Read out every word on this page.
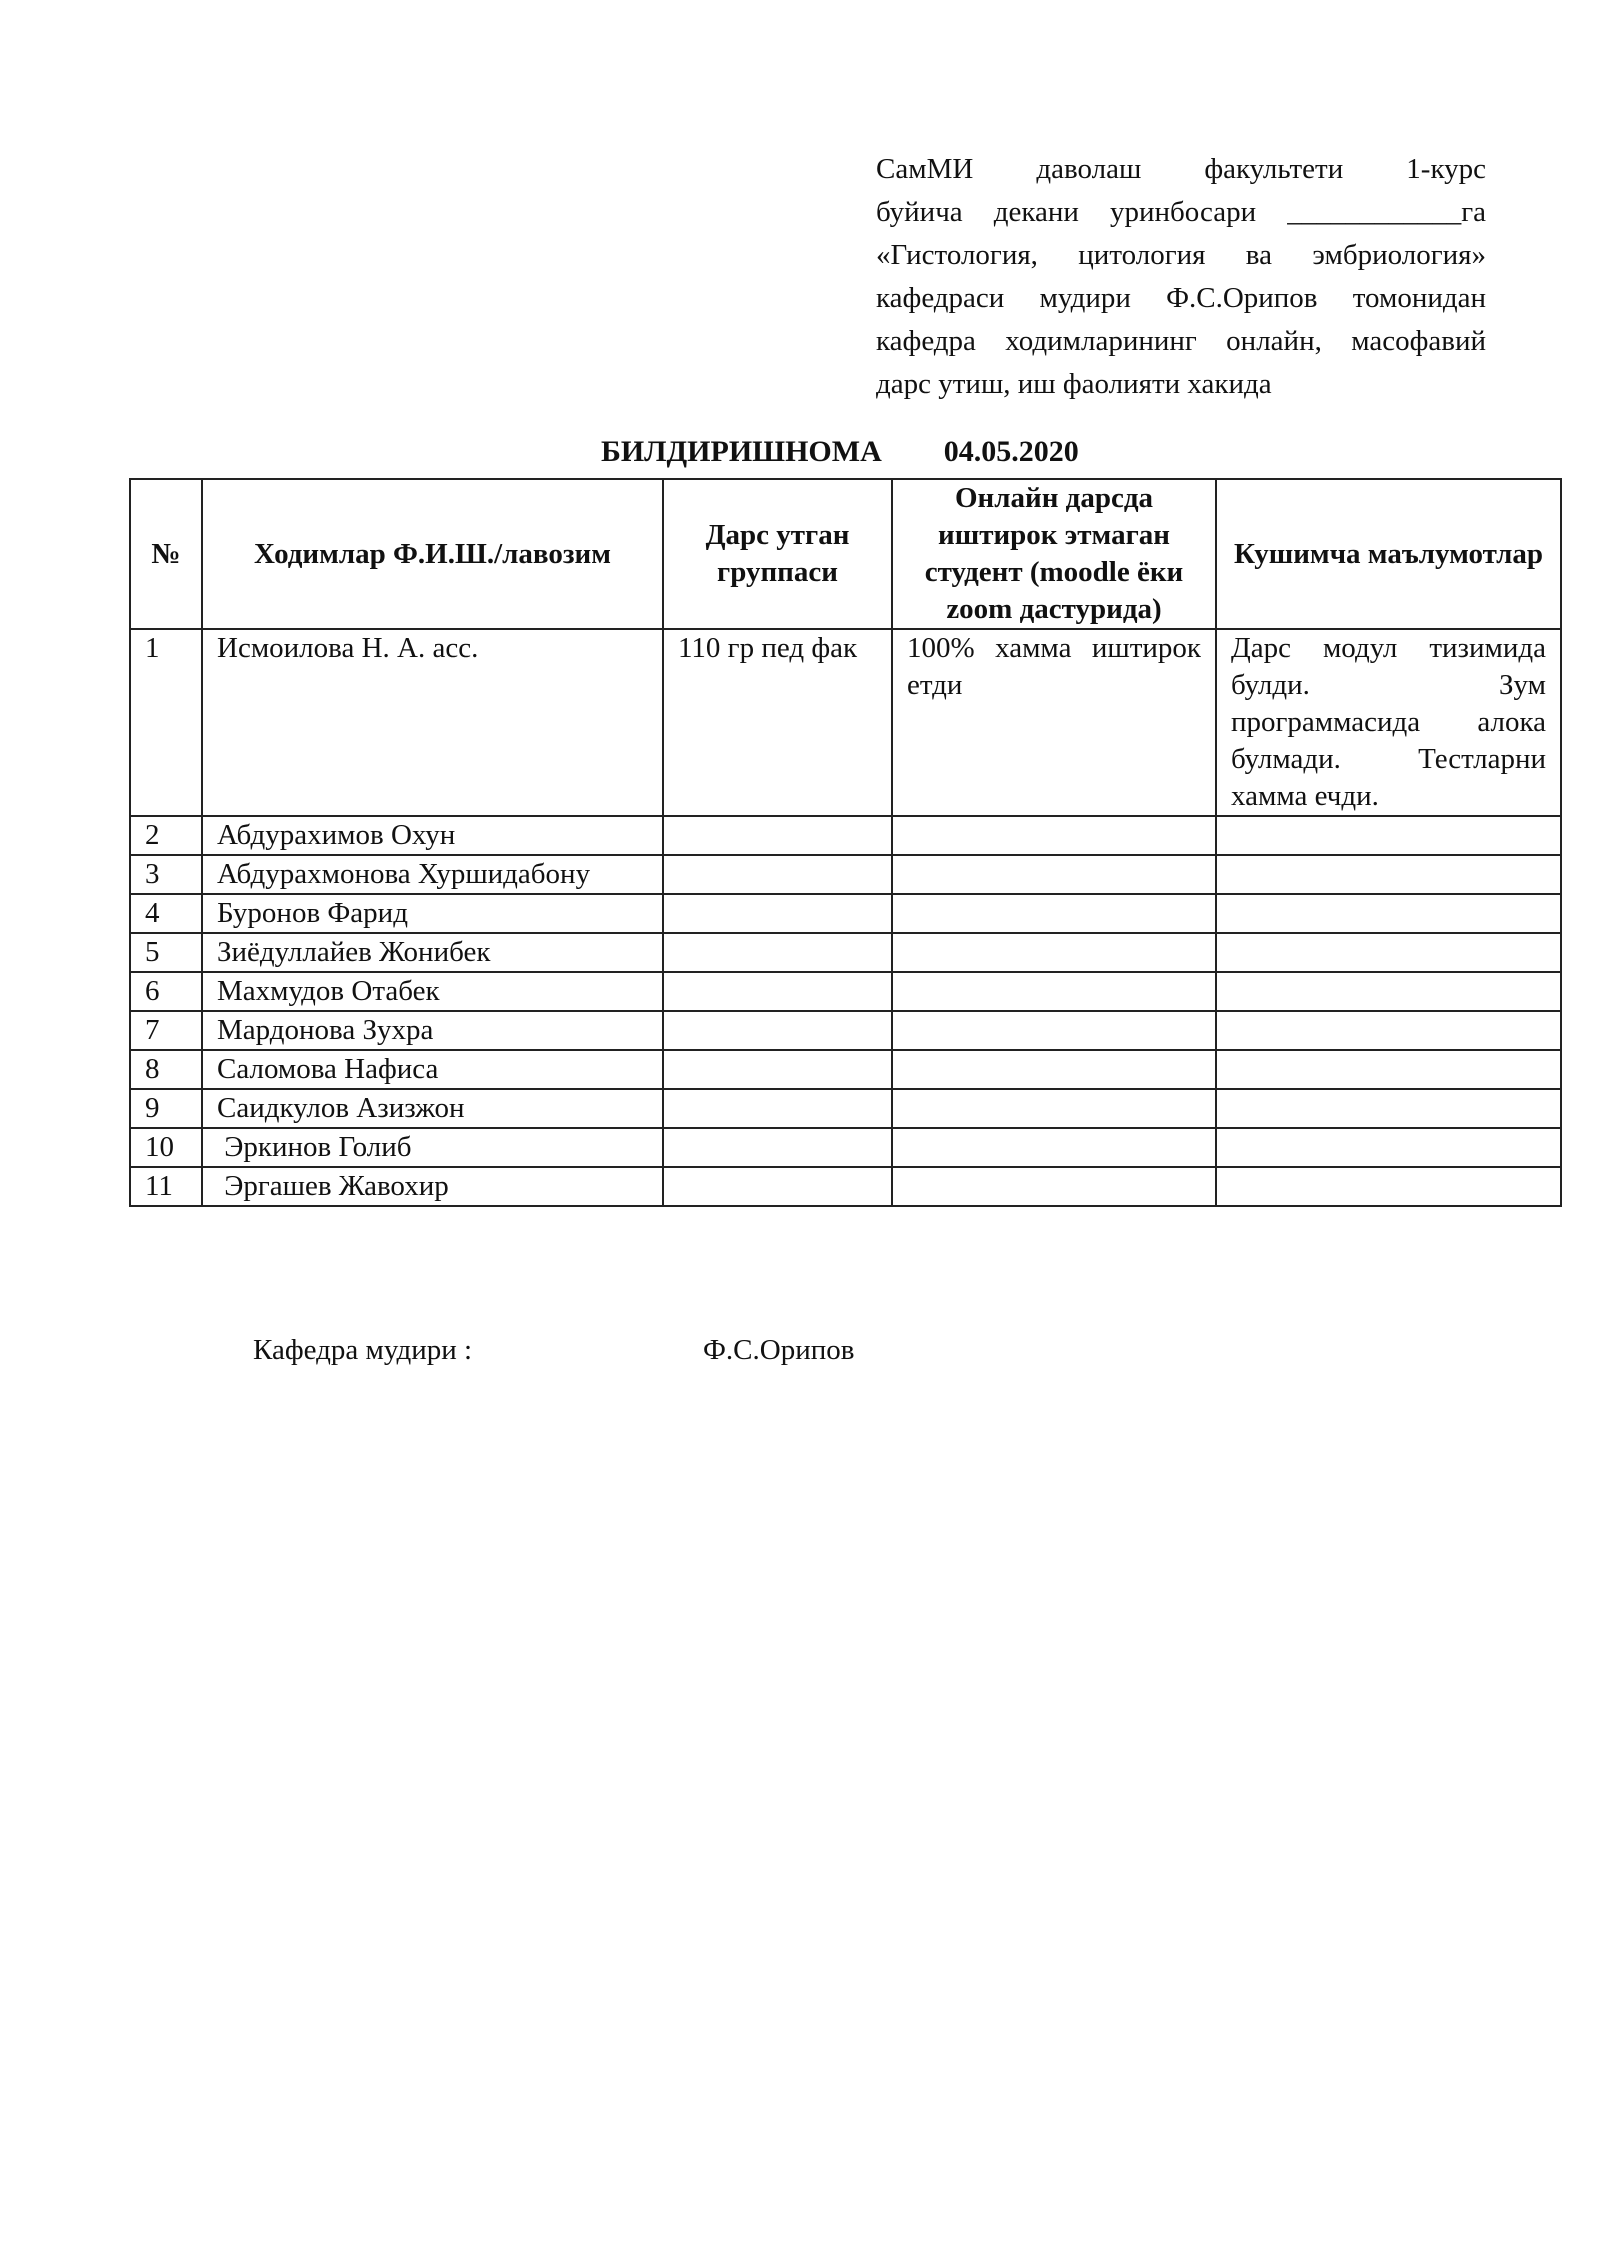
СамМИ даволаш факультети 1-курс
буйича декани уринбосари ____________га
«Гистология, цитология ва эмбриология»
кафедраси мудири Ф.С.Орипов томонидан
кафедра ходимларининг онлайн, масофавий
дарс утиш, иш фаолияти хакида
БИЛДИРИШНОМА 04.05.2020
№	Ходимлар Ф.И.Ш./лавозим	Дарс утган группаси	Онлайн дарсда иштирок этмаган студент (moodle ёки zoom дастурида)	Кушимча маълумотлар
1	Исмоилова Н. А. асс.	110 гр пед фак	100% хамма иштирок етди	Дарс модул тизимида булди. Зум программасида алока булмади. Тестларни хамма ечди.
2	Абдурахимов Охун			
3	Абдурахмонова Хуршидабону			
4	Буронов Фарид			
5	Зиёдуллайев Жонибек			
6	Махмудов Отабек			
7	Мардонова Зухра			
8	Саломова Нафиса			
9	Саидкулов Азизжон			
10	Эркинов Голиб			
11	Эргашев Жавохир			
Кафедра мудири :	Ф.С.Орипов
